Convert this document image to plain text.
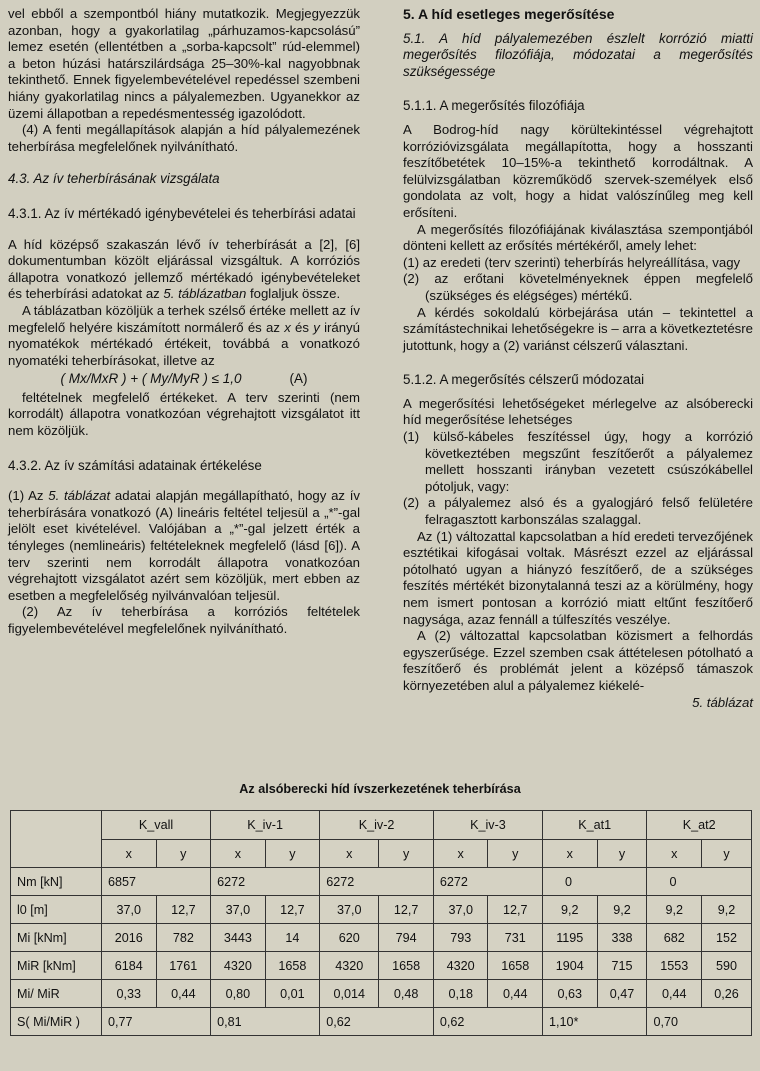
vel ebből a szempontból hiány mutatkozik. Megjegyezzük azonban, hogy a gyakorlatilag „párhuzamos-kapcsolású” lemez esetén (ellentétben a „sorba-kapcsolt” rúd-elemmel) a beton húzási határszilárdsága 25–30%-kal nagyobbnak tekinthető. Ennek figyelembevételével repedéssel szembeni hiány gyakorlatilag nincs a pályalemezben. Ugyanekkor az üzemi állapotban a repedésmentesség igazolódott.

(4) A fenti megállapítások alapján a híd pályalemezének teherbírása megfelelőnek nyilvánítható.

4.3. Az ív teherbírásának vizsgálata

4.3.1. Az ív mértékadó igénybevételei és teherbírási adatai

A híd középső szakaszán lévő ív teherbírását a [2], [6] dokumentumban közölt eljárással vizsgáltuk. A korróziós állapotra vonatkozó jellemző mértékadó igénybevételeket és teherbírási adatokat az 5. táblázatban foglaljuk össze.

A táblázatban közöljük a terhek szélső értéke mellett az ív megfelelő helyére kiszámított normálerő és az x és y irányú nyomatékok mértékadó értékeit, továbbá a vonatkozó nyomatéki teherbírásokat, illetve az

( Mx/MxR ) + ( My/MyR ) ≤ 1,0	(A)

feltételnek megfelelő értékeket. A terv szerinti (nem korrodált) állapotra vonatkozóan végrehajtott vizsgálatot itt nem közöljük.

4.3.2. Az ív számítási adatainak értékelése

(1) Az 5. táblázat adatai alapján megállapítható, hogy az ív teherbírására vonatkozó (A) lineáris feltétel teljesül a „*”-gal jelölt eset kivételével. Valójában a „*”-gal jelzett érték a tényleges (nemlineáris) feltételeknek megfelelő (lásd [6]). A terv szerinti nem korrodált állapotra vonatkozóan végrehajtott vizsgálatot azért sem közöljük, mert ebben az esetben a megfelelőség nyilvánvalóan teljesül.

(2) Az ív teherbírása a korróziós feltételek figyelembevételével megfelelőnek nyilvánítható.

5. A híd esetleges megerősítése

5.1. A híd pályalemezében észlelt korrózió miatti megerősítés filozófiája, módozatai a megerősítés szükségessége

5.1.1. A megerősítés filozófiája

A Bodrog-híd nagy körültekintéssel végrehajtott korrózióvizsgálata megállapította, hogy a hosszanti feszítőbetétek 10–15%-a tekinthető korrodáltnak. A felülvizsgálatban közreműködő szervek-személyek első gondolata az volt, hogy a hidat valószínűleg meg kell erősíteni.

A megerősítés filozófiájának kiválasztása szempontjából dönteni kellett az erősítés mértékéről, amely lehet:

(1) az eredeti (terv szerinti) teherbírás helyreállítása, vagy

(2) az erőtani követelményeknek éppen megfelelő (szükséges és elégséges) mértékű.

A kérdés sokoldalú körbejárása után – tekintettel a számítástechnikai lehetőségekre is – arra a következtetésre jutottunk, hogy a (2) variánst célszerű választani.

5.1.2. A megerősítés célszerű módozatai

A megerősítési lehetőségeket mérlegelve az alsóberecki híd megerősítése lehetséges

(1) külső-kábeles feszítéssel úgy, hogy a korrózió következtében megszűnt feszítőerőt a pályalemez mellett hosszanti irányban vezetett csúszókábellel pótoljuk, vagy:

(2) a pályalemez alsó és a gyalogjáró felső felületére felragasztott karbonszálas szalaggal.

Az (1) változattal kapcsolatban a híd eredeti tervezőjének esztétikai kifogásai voltak. Másrészt ezzel az eljárással pótolható ugyan a hiányzó feszítőerő, de a szükséges feszítés mértékét bizonytalanná teszi az a körülmény, hogy nem ismert pontosan a korrózió miatt eltűnt feszítőerő nagysága, azaz fennáll a túlfeszítés veszélye.

A (2) változattal kapcsolatban közismert a felhordás egyszerűsége. Ezzel szemben csak áttételesen pótolható a feszítőerő és problémát jelent a középső támaszok környezetében alul a pályalemez kiékelé-

5. táblázat

Az alsóberecki híd ívszerkezetének teherbírása
	K_vall		K_iv-1		K_iv-2		K_iv-3		K_at1		K_at2	
	x	y	x	y	x	y	x	y	x	y	x	y
Nm [kN]	6857		6272		6272		6272		0		0	
l0 [m]	37,0	12,7	37,0	12,7	37,0	12,7	37,0	12,7	9,2	9,2	9,2	9,2
Mi [kNm]	2016	782	3443	14	620	794	793	731	1195	338	682	152
MiR [kNm]	6184	1761	4320	1658	4320	1658	4320	1658	1904	715	1553	590
Mi/ MiR	0,33	0,44	0,80	0,01	0,014	0,48	0,18	0,44	0,63	0,47	0,44	0,26
S( Mi/MiR )	0,77		0,81		0,62		0,62		1,10*		0,70	
